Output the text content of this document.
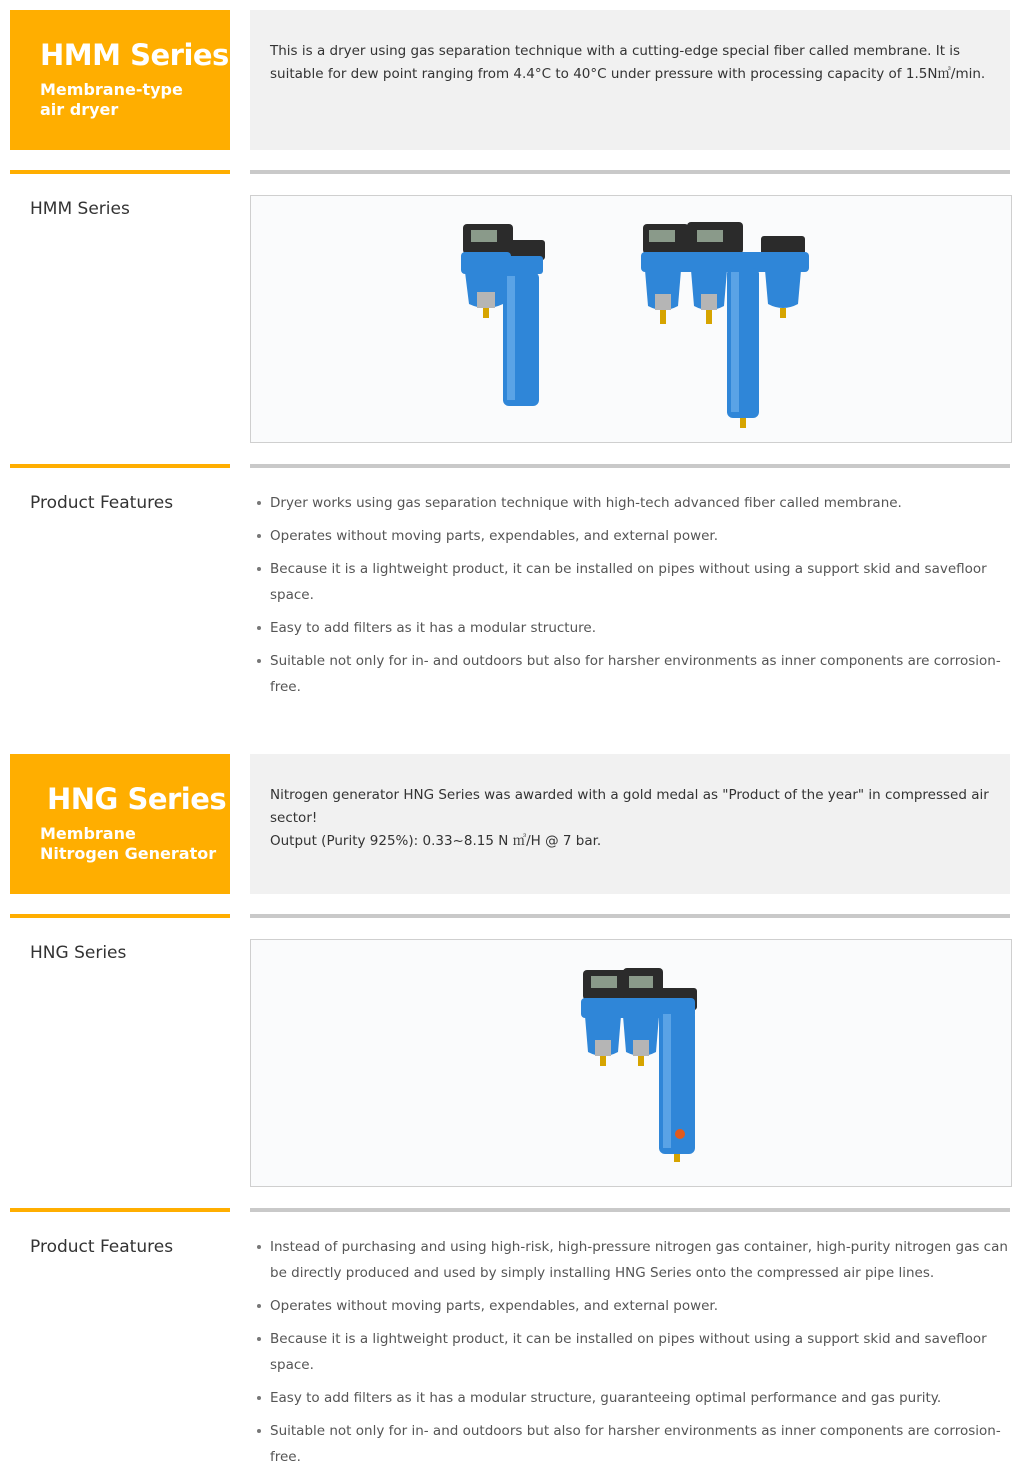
HMM Series
Membrane-type
air dryer
This is a dryer using gas separation technique with a cutting-edge special fiber called membrane. It is suitable for dew point ranging from 4.4°C to 40°C under pressure with processing capacity of 1.5N㎥/min.
HMM Series
Product Features	Dryer works using gas separation technique with high-tech advanced fiber called membrane.
Operates without moving parts, expendables, and external power.
Because it is a lightweight product, it can be installed on pipes without using a support skid and savefloor space.
Easy to add filters as it has a modular structure.
Suitable not only for in- and outdoors but also for harsher environments as inner components are corrosion-free.
HNG Series
Membrane
Nitrogen Generator
Nitrogen generator HNG Series was awarded with a gold medal as "Product of the year" in compressed air sector!
Output (Purity 925%): 0.33~8.15 N ㎥/H @ 7 bar.
HNG Series
Product Features	Instead of purchasing and using high-risk, high-pressure nitrogen gas container, high-purity nitrogen gas can be directly produced and used by simply installing HNG Series onto the compressed air pipe lines.
Operates without moving parts, expendables, and external power.
Because it is a lightweight product, it can be installed on pipes without using a support skid and savefloor space.
Easy to add filters as it has a modular structure, guaranteeing optimal performance and gas purity.
Suitable not only for in- and outdoors but also for harsher environments as inner components are corrosion-free.
